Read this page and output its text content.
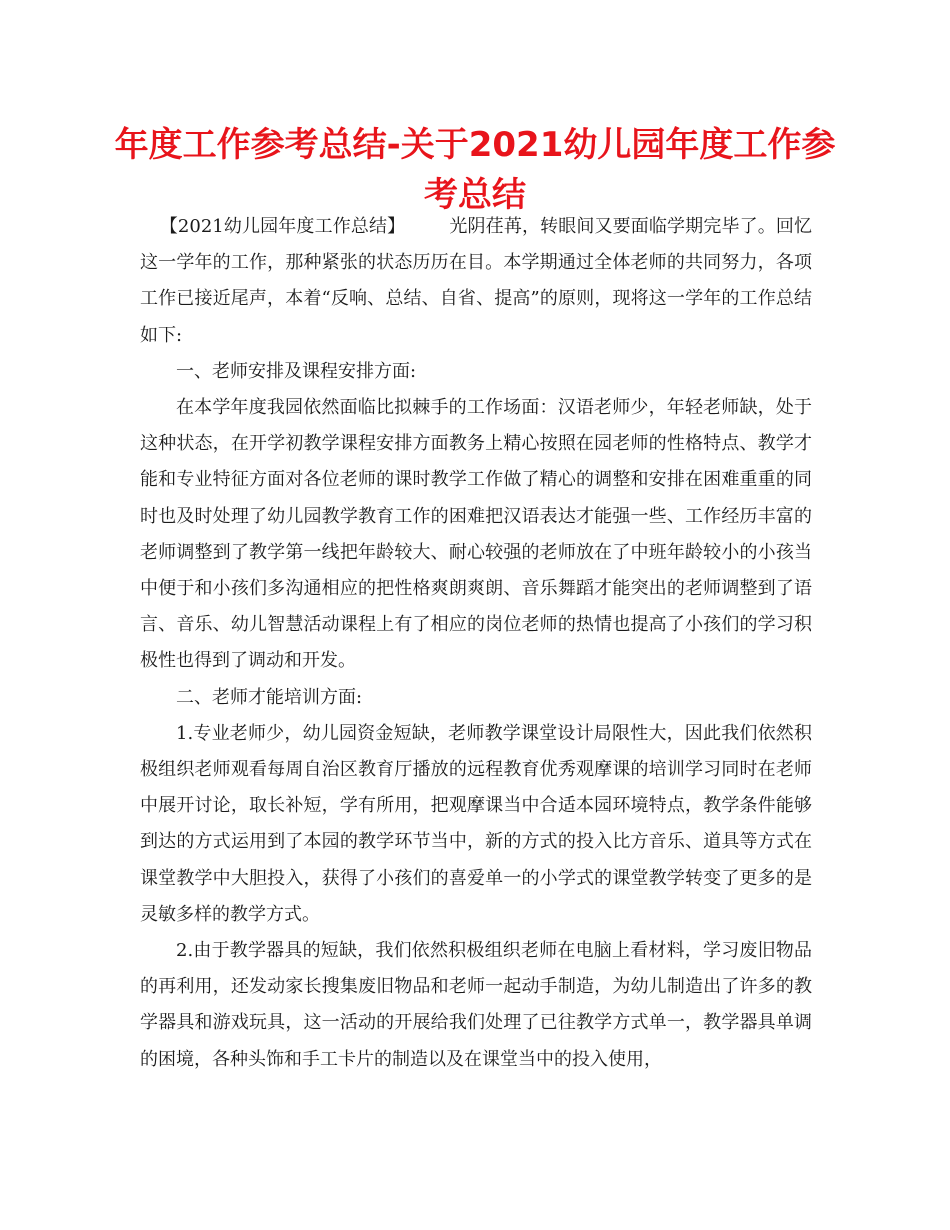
年度工作参考总结-关于2021幼儿园年度工作参考总结

【2021幼儿园年度工作总结】 光阴荏苒，转眼间又要面临学期完毕了。回忆这一学年的工作，那种紧张的状态历历在目。本学期通过全体老师的共同努力，各项工作已接近尾声，本着“反响、总结、自省、提高”的原则，现将这一学年的工作总结如下:

一、老师安排及课程安排方面:

在本学年度我园依然面临比拟棘手的工作场面：汉语老师少，年轻老师缺，处于这种状态，在开学初教学课程安排方面教务上精心按照在园老师的性格特点、教学才能和专业特征方面对各位老师的课时教学工作做了精心的调整和安排在困难重重的同时也及时处理了幼儿园教学教育工作的困难把汉语表达才能强一些、工作经历丰富的老师调整到了教学第一线把年龄较大、耐心较强的老师放在了中班年龄较小的小孩当中便于和小孩们多沟通相应的把性格爽朗爽朗、音乐舞蹈才能突出的老师调整到了语言、音乐、幼儿智慧活动课程上有了相应的岗位老师的热情也提高了小孩们的学习积极性也得到了调动和开发。

二、老师才能培训方面:

1.专业老师少，幼儿园资金短缺，老师教学课堂设计局限性大，因此我们依然积极组织老师观看每周自治区教育厅播放的远程教育优秀观摩课的培训学习同时在老师中展开讨论，取长补短，学有所用，把观摩课当中合适本园环境特点，教学条件能够到达的方式运用到了本园的教学环节当中，新的方式的投入比方音乐、道具等方式在课堂教学中大胆投入，获得了小孩们的喜爱单一的小学式的课堂教学转变了更多的是灵敏多样的教学方式。

2.由于教学器具的短缺，我们依然积极组织老师在电脑上看材料，学习废旧物品的再利用，还发动家长搜集废旧物品和老师一起动手制造，为幼儿制造出了许多的教学器具和游戏玩具，这一活动的开展给我们处理了已往教学方式单一，教学器具单调的困境，各种头饰和手工卡片的制造以及在课堂当中的投入使用，
